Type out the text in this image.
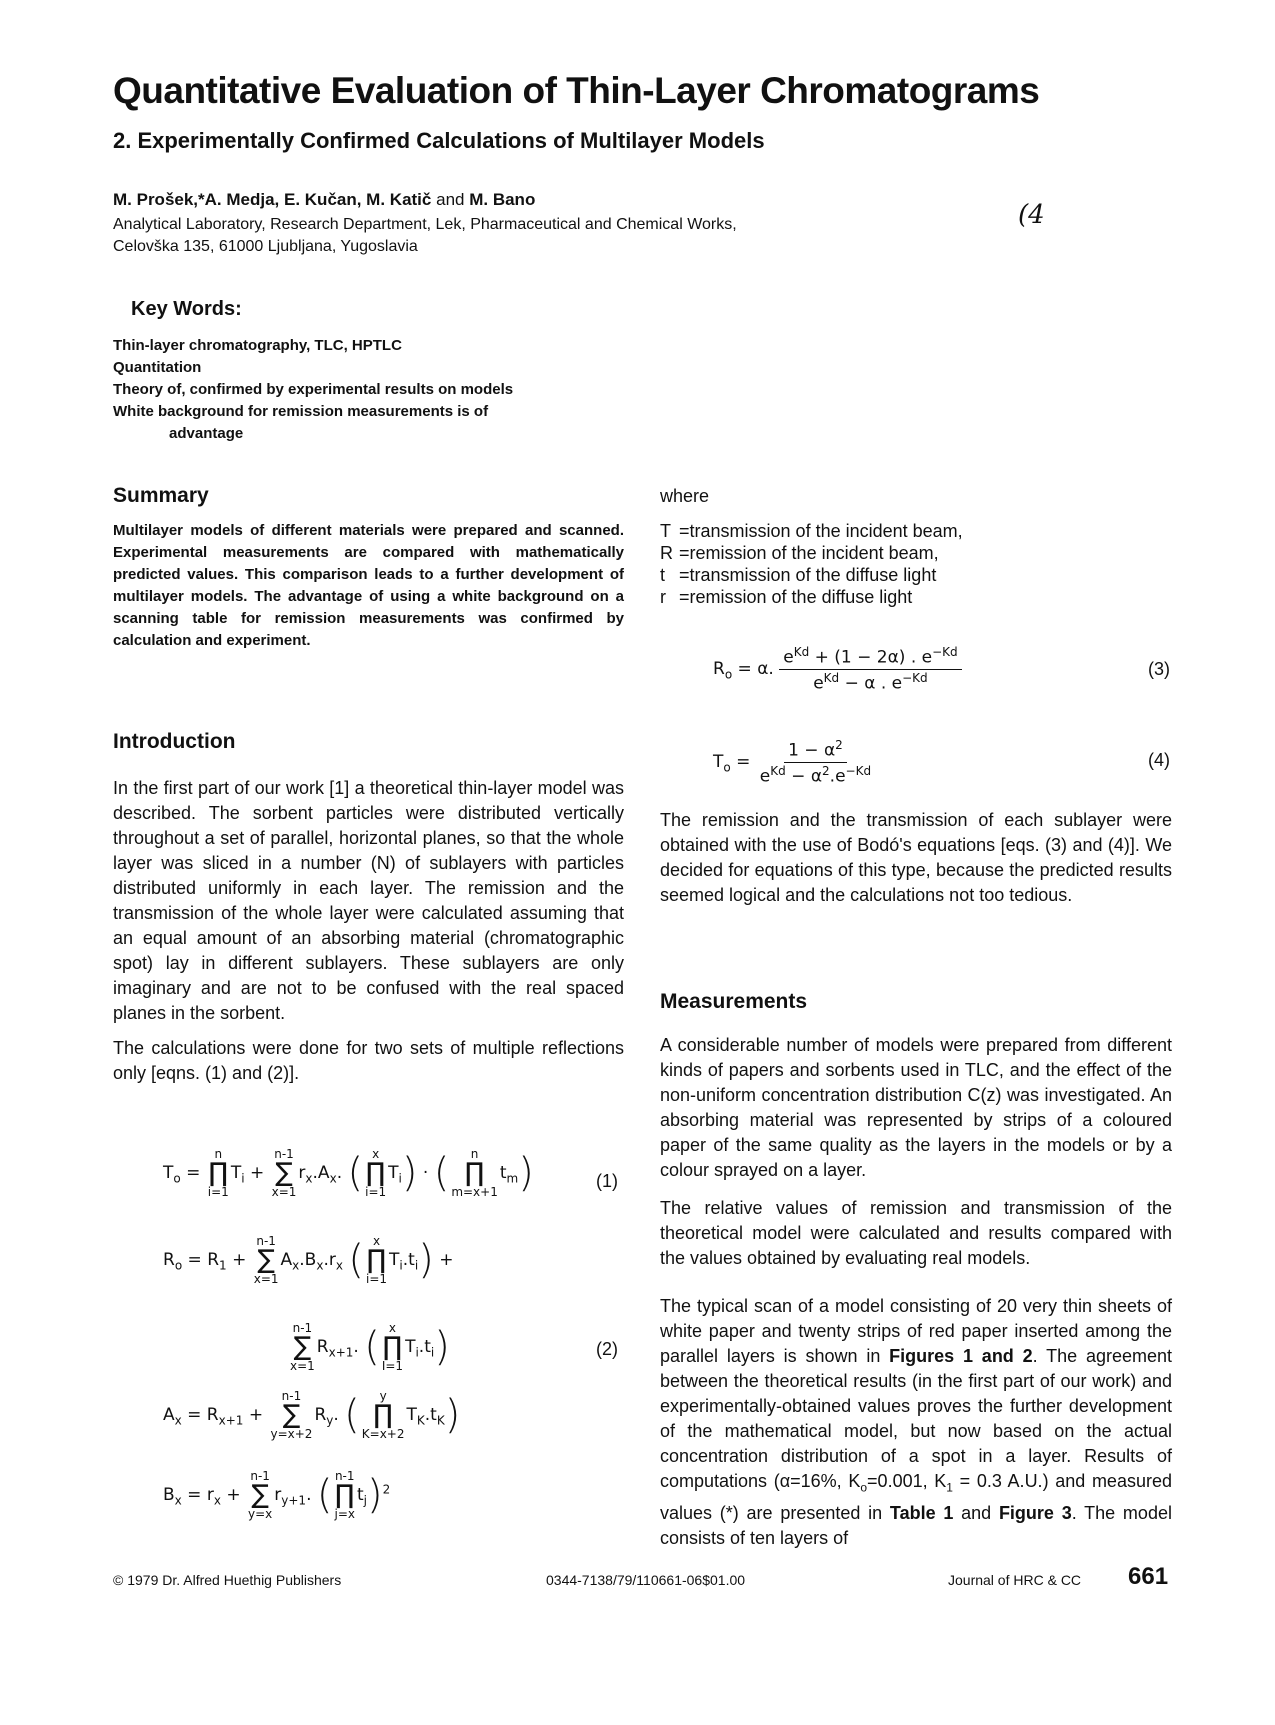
Quantitative Evaluation of Thin-Layer Chromatograms
2. Experimentally Confirmed Calculations of Multilayer Models
M. Prošek,*A. Medja, E. Kučan, M. Katič and M. Bano
Analytical Laboratory, Research Department, Lek, Pharmaceutical and Chemical Works,
Celovška 135, 61000 Ljubljana, Yugoslavia
(4
Key Words:
Thin-layer chromatography, TLC, HPTLC
Quantitation
Theory of, confirmed by experimental results on models
White background for remission measurements is of
advantage
Summary
Multilayer models of different materials were prepared and scanned. Experimental measurements are compared with mathematically predicted values. This comparison leads to a further development of multilayer models. The advantage of using a white background on a scanning table for remission measurements was confirmed by calculation and experiment.
Introduction

In the first part of our work [1] a theoretical thin-layer model was described. The sorbent particles were distributed vertically throughout a set of parallel, horizontal planes, so that the whole layer was sliced in a number (N) of sublayers with particles distributed uniformly in each layer. The remission and the transmission of the whole layer were calculated assuming that an equal amount of an absorbing material (chromatographic spot) lay in different sublayers. These sublayers are only imaginary and are not to be confused with the real spaced planes in the sorbent.

The calculations were done for two sets of multiple reflections only [eqns. (1) and (2)].

$T_o$ =
n
∏
i=1
$T_i$ +
n-1
∑
x=1
$r_x.A_x$. ( x
∏
i=1
$T_i$) · ( n
∏
m=x+1
$t_m$)	(1)
$R_o = R_1$ +
n-1
∑
x=1
$A_x.B_x.r_x$ ( x
∏
i=1
$T_i.t_i$) +
n-1
∑
x=1
$R_{x+1}$. ( x
∏
I=1
$T_i.t_i$)	(2)
$A_x = R_{x+1}$ +
n-1
∑
y=x+2
$R_y$. ( y
∏
K=x+2
$T_K.t_K$)
$B_x = r_x$ +
n-1
∑
y=x
$r_{y+1}$. ( n-1
∏
j=x
$t_j)^2$
where
T =transmission of the incident beam,
R =remission of the incident beam,
t =transmission of the diffuse light
r =remission of the diffuse light
$R_o = \alpha$. $\frac{e^{Kd} + (1 - 2\alpha) . e^{-Kd}}{e^{Kd} - \alpha . e^{-Kd}}$	(3)
$T_o = \frac{1 - \alpha^2}{e^{Kd} - \alpha^2.e^{-Kd}}$	(4)

The remission and the transmission of each sublayer were obtained with the use of Bodó's equations [eqs. (3) and (4)]. We decided for equations of this type, because the predicted results seemed logical and the calculations not too tedious.

Measurements

A considerable number of models were prepared from different kinds of papers and sorbents used in TLC, and the effect of the non-uniform concentration distribution C(z) was investigated. An absorbing material was represented by strips of a coloured paper of the same quality as the layers in the models or by a colour sprayed on a layer.

The relative values of remission and transmission of the theoretical model were calculated and results compared with the values obtained by evaluating real models.

The typical scan of a model consisting of 20 very thin sheets of white paper and twenty strips of red paper inserted among the parallel layers is shown in Figures 1 and 2. The agreement between the theoretical results (in the first part of our work) and experimentally-obtained values proves the further development of the mathematical model, but now based on the actual concentration distribution of a spot in a layer. Results of computations (α=16%, $K_o=0.001$, $K_1 = 0.3$ A.U.) and measured values (*) are presented in Table 1 and Figure 3. The model consists of ten layers of

© 1979 Dr. Alfred Huethig Publishers	0344-7138/79/110661-06$01.00	Journal of HRC & CC 661
